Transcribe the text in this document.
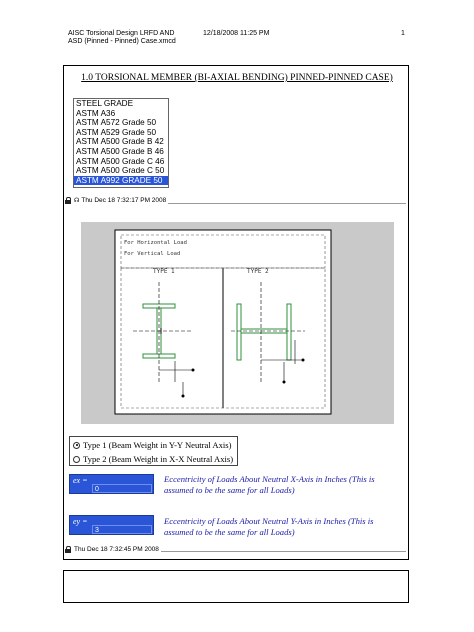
AISC Torsional Design LRFD AND
ASD (Pinned - Pinned) Case.xmcd
12/18/2008 11:25 PM	1
1.0 TORSIONAL MEMBER (BI-AXIAL BENDING) PINNED-PINNED CASE)
STEEL GRADE
ASTM A36
ASTM A572 Grade 50
ASTM A529 Grade 50
ASTM A500 Grade B 42
ASTM A500 Grade B 46
ASTM A500 Grade C 46
ASTM A500 Grade C 50
ASTM A992 GRADE 50
☊ Thu Dec 18 7:32:17 PM 2008
For Horizontal Load
For Vertical Load
TYPE 1	TYPE 2
Type 1 (Beam Weight in Y-Y Neutral Axis)
Type 2 (Beam Weight in X-X Neutral Axis)
ex =
0
Eccentricity of Loads About Neutral X-Axis in Inches (This is assumed to be the same for all Loads)
ey =
3
Eccentricity of Loads About Neutral Y-Axis in Inches (This is assumed to be the same for all Loads)
Thu Dec 18 7:32:45 PM 2008
